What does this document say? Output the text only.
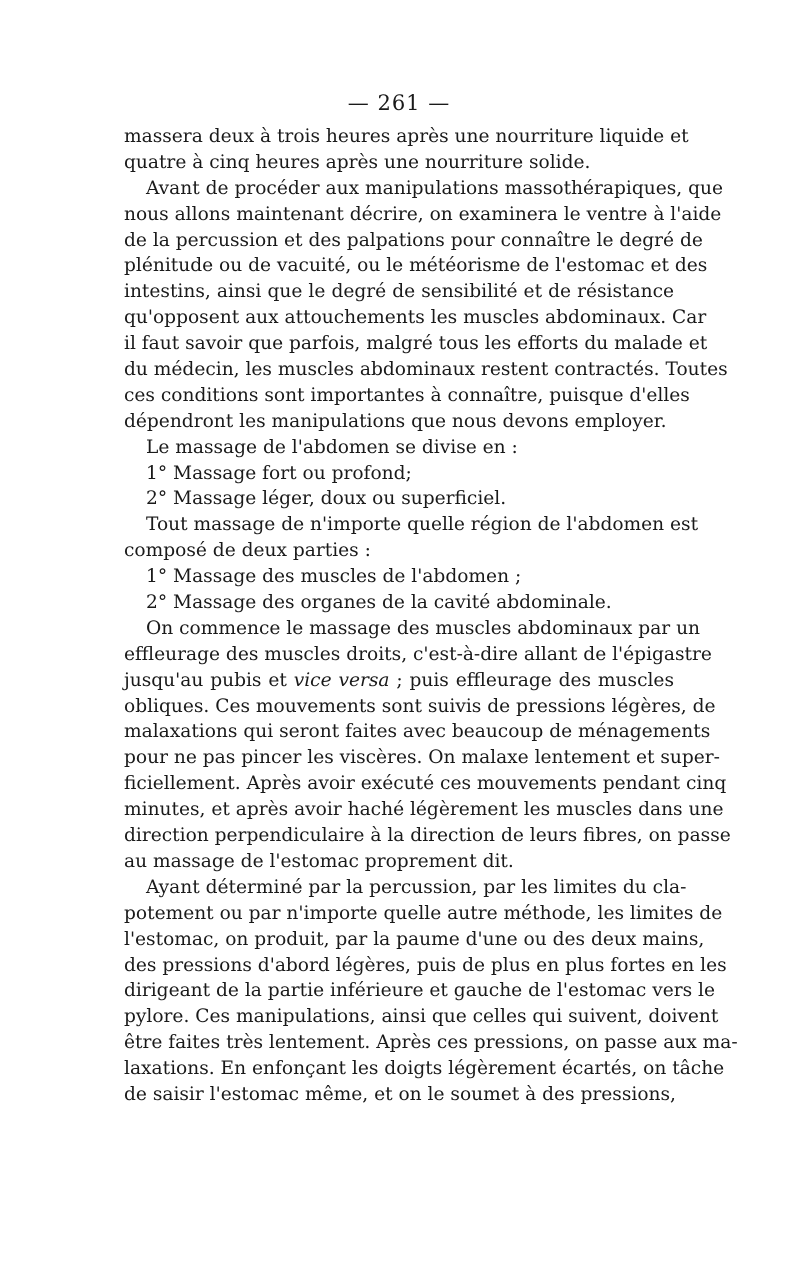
— 261 —
massera deux à trois heures après une nourriture liquide et
quatre à cinq heures après une nourriture solide.
Avant de procéder aux manipulations massothérapiques, que
nous allons maintenant décrire, on examinera le ventre à l'aide
de la percussion et des palpations pour connaître le degré de
plénitude ou de vacuité, ou le météorisme de l'estomac et des
intestins, ainsi que le degré de sensibilité et de résistance
qu'opposent aux attouchements les muscles abdominaux. Car
il faut savoir que parfois, malgré tous les efforts du malade et
du médecin, les muscles abdominaux restent contractés. Toutes
ces conditions sont importantes à connaître, puisque d'elles
dépendront les manipulations que nous devons employer.
Le massage de l'abdomen se divise en :
1° Massage fort ou profond;
2° Massage léger, doux ou superficiel.
Tout massage de n'importe quelle région de l'abdomen est
composé de deux parties :
1° Massage des muscles de l'abdomen ;
2° Massage des organes de la cavité abdominale.
On commence le massage des muscles abdominaux par un
effleurage des muscles droits, c'est-à-dire allant de l'épigastre
jusqu'au pubis et vice versa ; puis effleurage des muscles
obliques. Ces mouvements sont suivis de pressions légères, de
malaxations qui seront faites avec beaucoup de ménagements
pour ne pas pincer les viscères. On malaxe lentement et super-
ficiellement. Après avoir exécuté ces mouvements pendant cinq
minutes, et après avoir haché légèrement les muscles dans une
direction perpendiculaire à la direction de leurs fibres, on passe
au massage de l'estomac proprement dit.
Ayant déterminé par la percussion, par les limites du cla-
potement ou par n'importe quelle autre méthode, les limites de
l'estomac, on produit, par la paume d'une ou des deux mains,
des pressions d'abord légères, puis de plus en plus fortes en les
dirigeant de la partie inférieure et gauche de l'estomac vers le
pylore. Ces manipulations, ainsi que celles qui suivent, doivent
être faites très lentement. Après ces pressions, on passe aux ma-
laxations. En enfonçant les doigts légèrement écartés, on tâche
de saisir l'estomac même, et on le soumet à des pressions,
